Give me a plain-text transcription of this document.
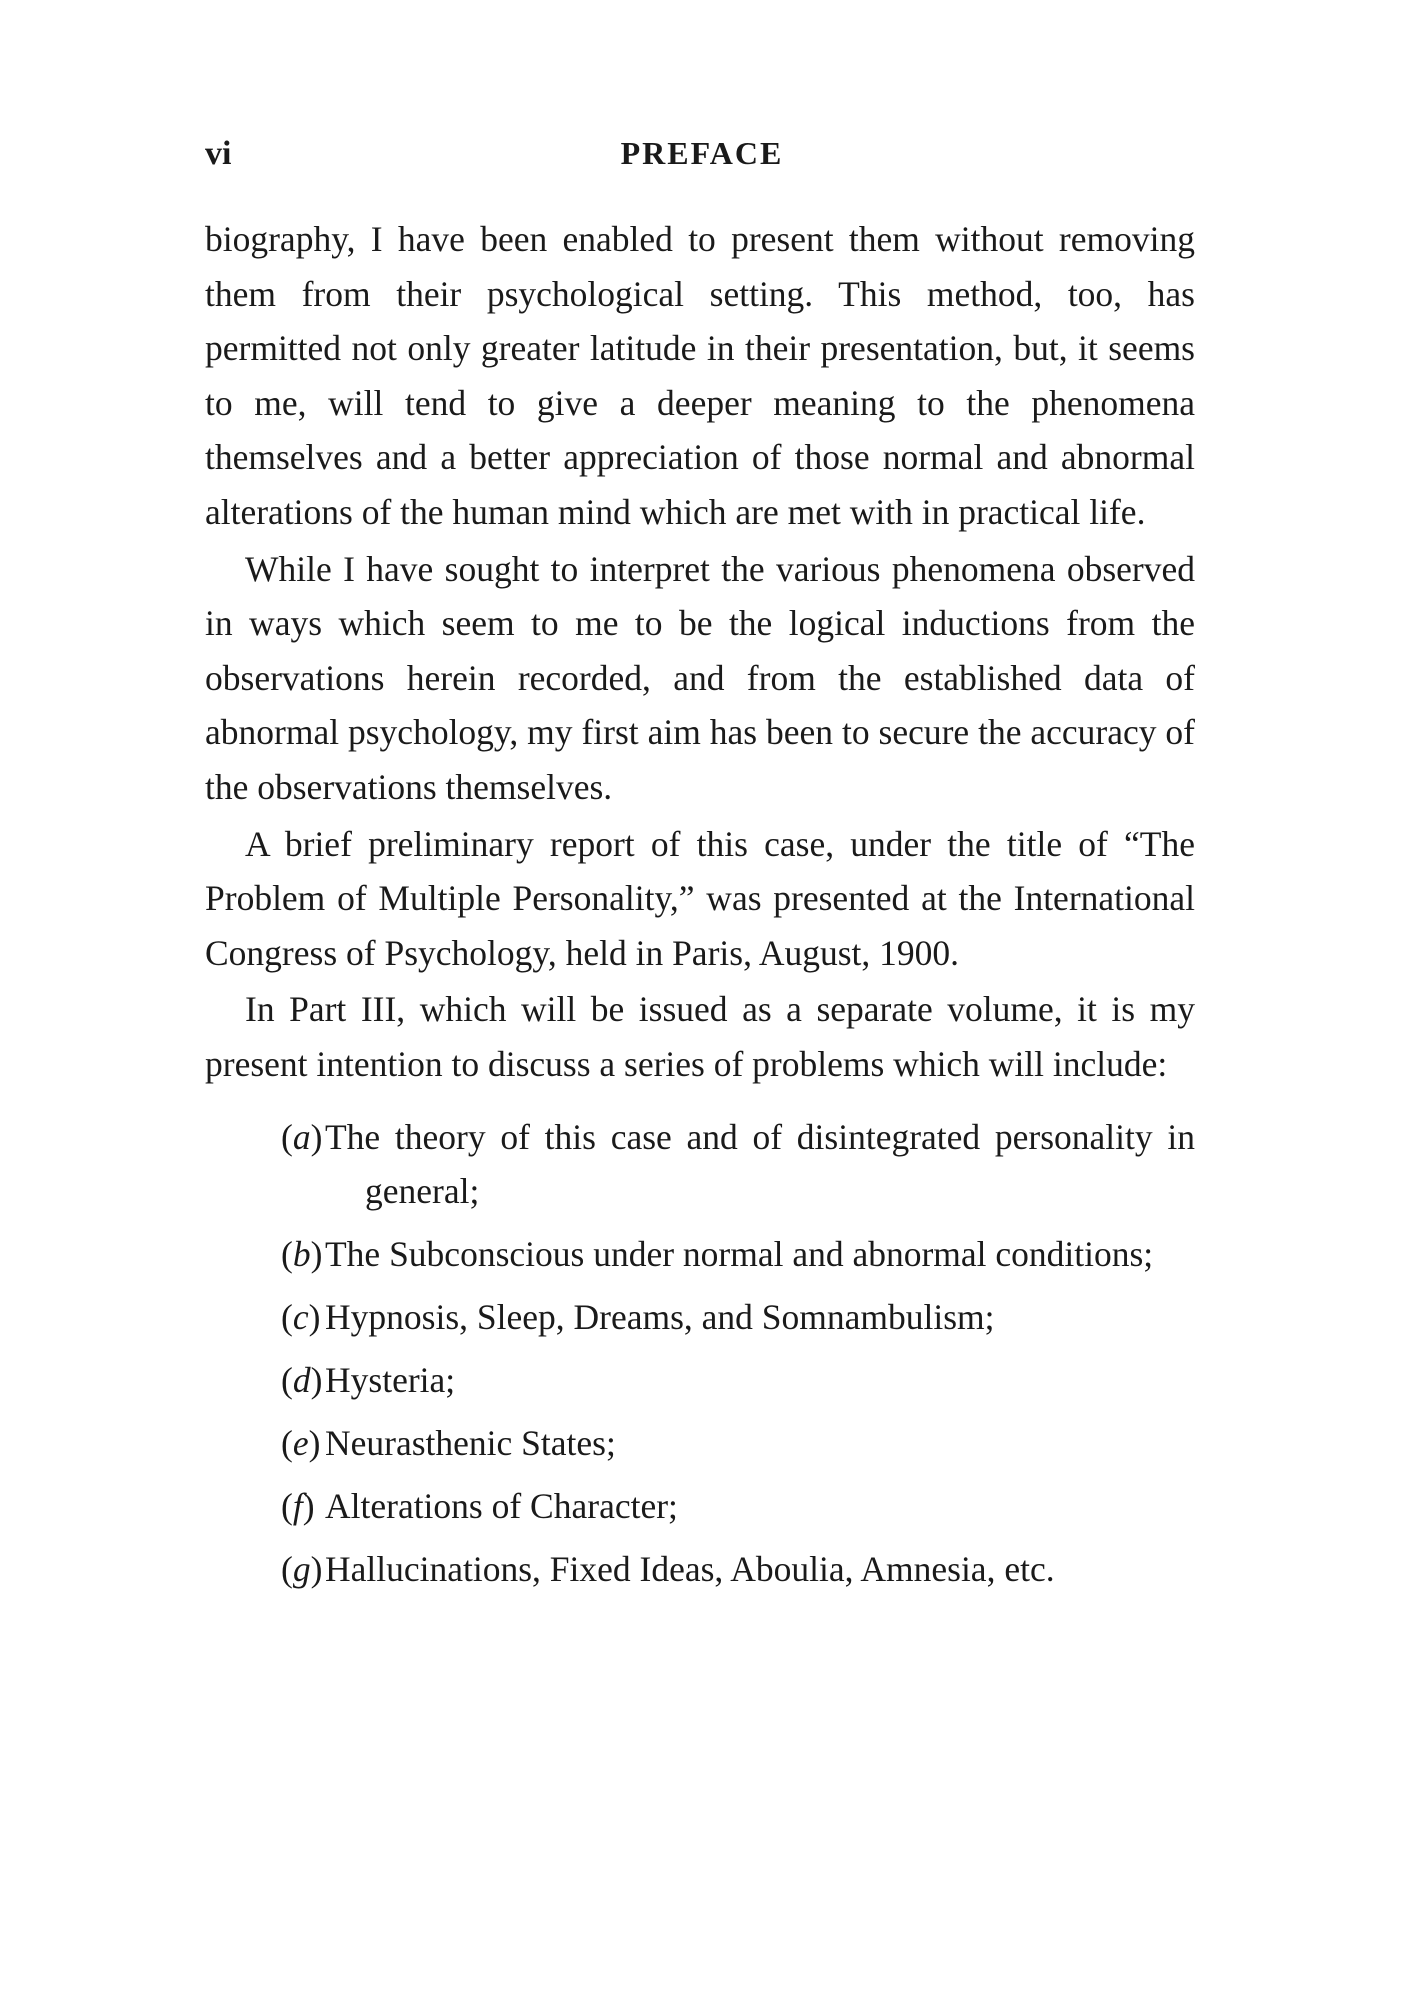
vi	PREFACE

biography, I have been enabled to present them without removing them from their psychological setting. This method, too, has permitted not only greater latitude in their presentation, but, it seems to me, will tend to give a deeper meaning to the phenomena themselves and a better appreciation of those normal and abnormal alterations of the human mind which are met with in practical life.

While I have sought to interpret the various phenomena observed in ways which seem to me to be the logical inductions from the observations herein recorded, and from the established data of abnormal psychology, my first aim has been to secure the accuracy of the observations themselves.

A brief preliminary report of this case, under the title of “The Problem of Multiple Personality,” was presented at the International Congress of Psychology, held in Paris, August, 1900.

In Part III, which will be issued as a separate volume, it is my present intention to discuss a series of problems which will include:

(a) The theory of this case and of disintegrated personality in general;
(b) The Subconscious under normal and abnormal conditions;
(c) Hypnosis, Sleep, Dreams, and Somnambulism;
(d) Hysteria;
(e) Neurasthenic States;
(f) Alterations of Character;
(g) Hallucinations, Fixed Ideas, Aboulia, Amnesia, etc.
